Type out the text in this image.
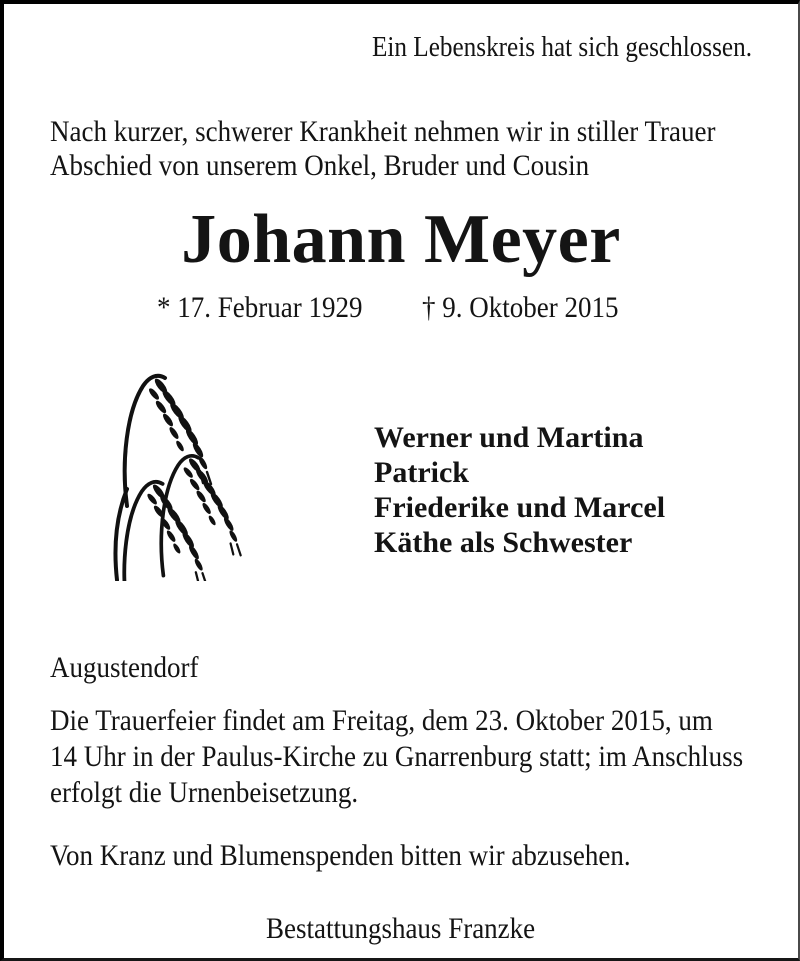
Ein Lebenskreis hat sich geschlossen.
Nach kurzer, schwerer Krankheit nehmen wir in stiller Trauer
Abschied von unserem Onkel, Bruder und Cousin
Johann Meyer
* 17. Februar 1929 † 9. Oktober 2015
Werner und Martina
Patrick
Friederike und Marcel
Käthe als Schwester
Augustendorf
Die Trauerfeier findet am Freitag, dem 23. Oktober 2015, um
14 Uhr in der Paulus-Kirche zu Gnarrenburg statt; im Anschluss
erfolgt die Urnenbeisetzung.
Von Kranz und Blumenspenden bitten wir abzusehen.
Bestattungshaus Franzke
